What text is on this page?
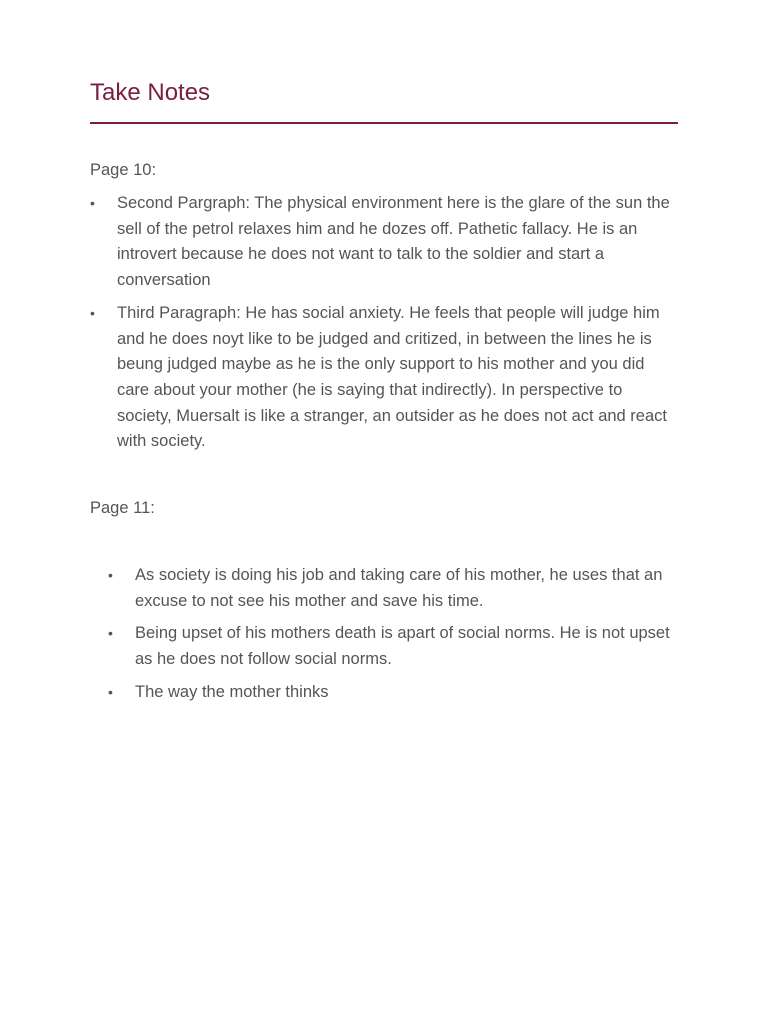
Take Notes

Page 10:

• Second Pargraph: The physical environment here is the glare of the sun the sell of the petrol relaxes him and he dozes off. Pathetic fallacy. He is an introvert because he does not want to talk to the soldier and start a conversation
• Third Paragraph: He has social anxiety. He feels that people will judge him and he does noyt like to be judged and critized, in between the lines he is beung judged maybe as he is the only support to his mother and you did care about your mother (he is saying that indirectly). In perspective to society, Muersalt is like a stranger, an outsider as he does not act and react with society.

Page 11:

• As society is doing his job and taking care of his mother, he uses that an excuse to not see his mother and save his time.
• Being upset of his mothers death is apart of social norms. He is not upset as he does not follow social norms.
• The way the mother thinks
